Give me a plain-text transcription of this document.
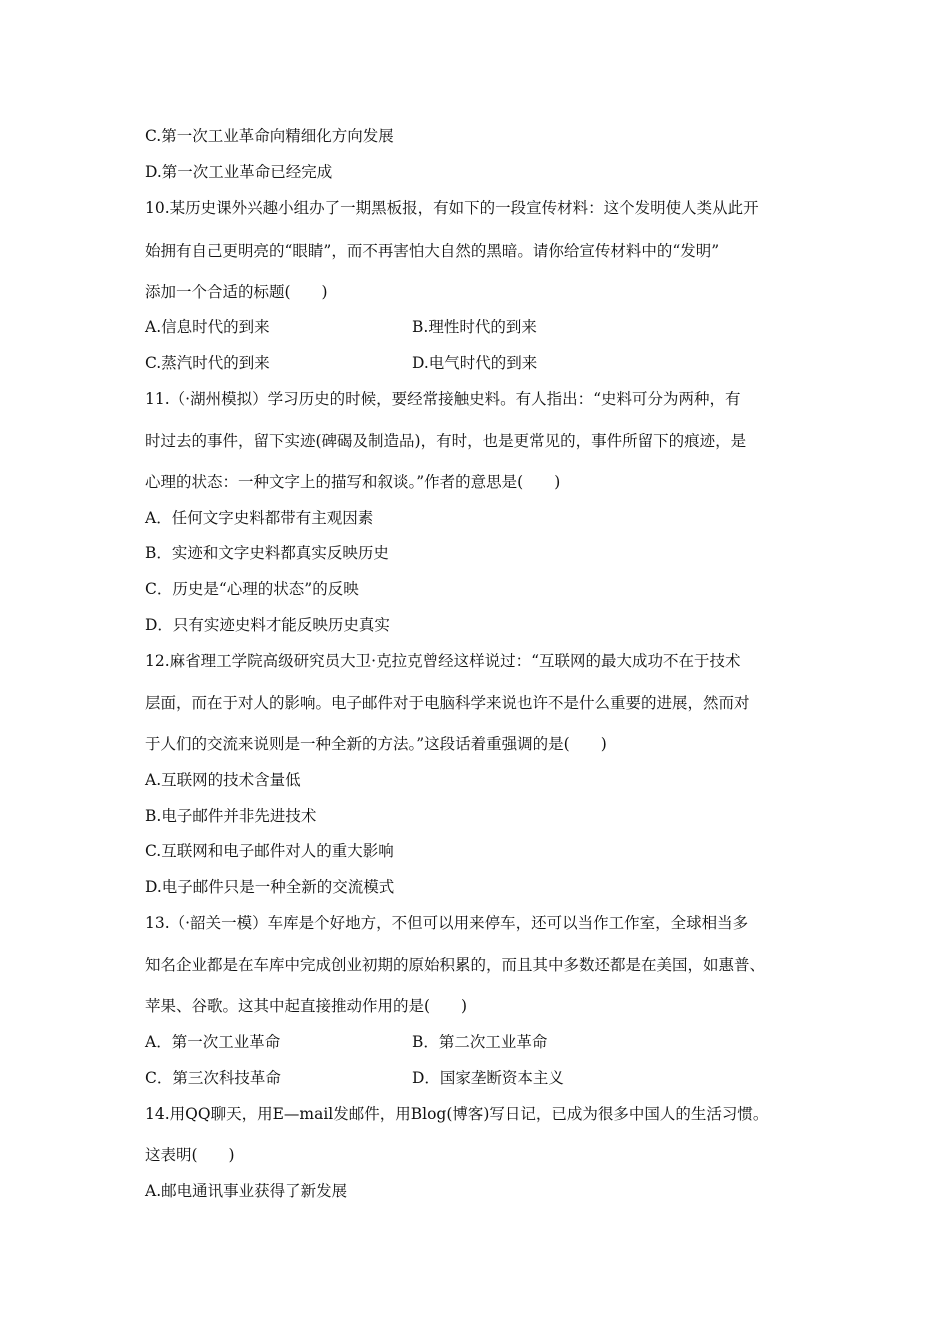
C.第一次工业革命向精细化方向发展
D.第一次工业革命已经完成
10.某历史课外兴趣小组办了一期黑板报，有如下的一段宣传材料：这个发明使人类从此开
始拥有自己更明亮的“眼睛”，而不再害怕大自然的黑暗。请你给宣传材料中的“发明”
添加一个合适的标题(　　)
A.信息时代的到来	B.理性时代的到来
C.蒸汽时代的到来	D.电气时代的到来
11.（·湖州模拟）学习历史的时候，要经常接触史料。有人指出：“史料可分为两种，有
时过去的事件，留下实迹(碑碣及制造品)，有时，也是更常见的，事件所留下的痕迹，是
心理的状态：一种文字上的描写和叙谈。”作者的意思是(　　)
A．任何文字史料都带有主观因素
B．实迹和文字史料都真实反映历史
C．历史是“心理的状态”的反映
D．只有实迹史料才能反映历史真实
12.麻省理工学院高级研究员大卫·克拉克曾经这样说过：“互联网的最大成功不在于技术
层面，而在于对人的影响。电子邮件对于电脑科学来说也许不是什么重要的进展，然而对
于人们的交流来说则是一种全新的方法。”这段话着重强调的是(　　)
A.互联网的技术含量低
B.电子邮件并非先进技术
C.互联网和电子邮件对人的重大影响
D.电子邮件只是一种全新的交流模式
13.（·韶关一模）车库是个好地方，不但可以用来停车，还可以当作工作室，全球相当多
知名企业都是在车库中完成创业初期的原始积累的，而且其中多数还都是在美国，如惠普、
苹果、谷歌。这其中起直接推动作用的是(　　)
A．第一次工业革命	B．第二次工业革命
C．第三次科技革命	D．国家垄断资本主义
14.用QQ聊天，用E—mail发邮件，用Blog(博客)写日记，已成为很多中国人的生活习惯。
这表明(　　)
A.邮电通讯事业获得了新发展
